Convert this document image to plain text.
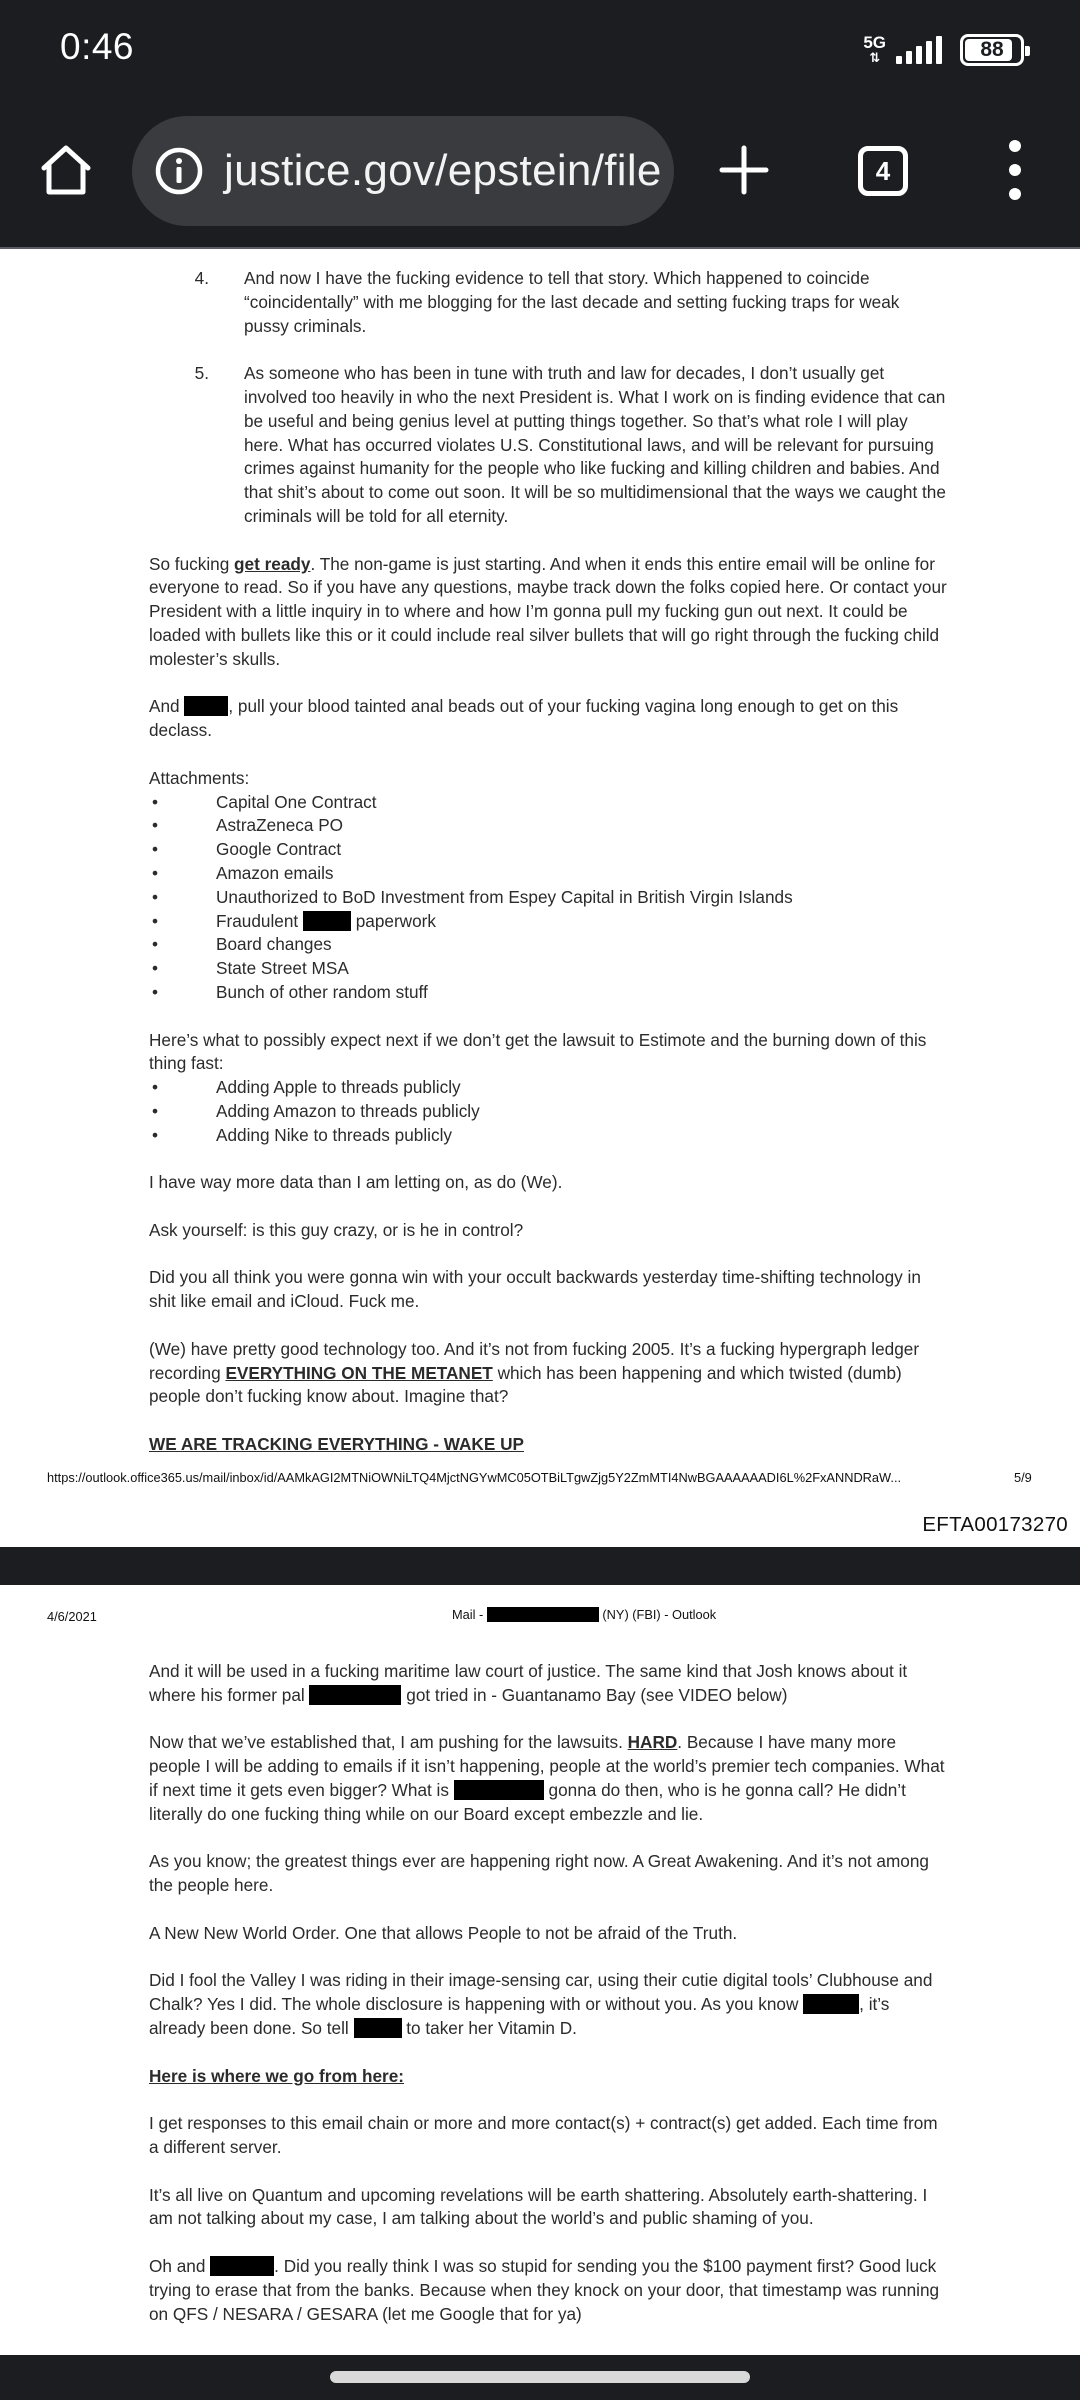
0:46	5G
⇅	88
justice.gov/epstein/file	4
4. And now I have the fucking evidence to tell that story. Which happened to coincide “coincidentally” with me blogging for the last decade and setting fucking traps for weak pussy criminals.
5. As someone who has been in tune with truth and law for decades, I don’t usually get involved too heavily in who the next President is. What I work on is finding evidence that can be useful and being genius level at putting things together. So that’s what role I will play here. What has occurred violates U.S. Constitutional laws, and will be relevant for pursuing crimes against humanity for the people who like fucking and killing children and babies. And that shit’s about to come out soon. It will be so multidimensional that the ways we caught the criminals will be told for all eternity.

So fucking get ready. The non-game is just starting. And when it ends this entire email will be online for everyone to read. So if you have any questions, maybe track down the folks copied here. Or contact your President with a little inquiry in to where and how I’m gonna pull my fucking gun out next. It could be loaded with bullets like this or it could include real silver bullets that will go right through the fucking child molester’s skulls.

And	, pull your blood tainted anal beads out of your fucking vagina long enough to get on this declass.

Attachments:

•	Capital One Contract
•	AstraZeneca PO
•	Google Contract
•	Amazon emails
•	Unauthorized to BoD Investment from Espey Capital in British Virgin Islands
•	Fraudulent	paperwork
•	Board changes
•	State Street MSA
•	Bunch of other random stuff

Here’s what to possibly expect next if we don’t get the lawsuit to Estimote and the burning down of this thing fast:

•	Adding Apple to threads publicly
•	Adding Amazon to threads publicly
•	Adding Nike to threads publicly

I have way more data than I am letting on, as do (We).

Ask yourself: is this guy crazy, or is he in control?

Did you all think you were gonna win with your occult backwards yesterday time-shifting technology in shit like email and iCloud. Fuck me.

(We) have pretty good technology too. And it’s not from fucking 2005. It’s a fucking hypergraph ledger recording EVERYTHING ON THE METANET which has been happening and which twisted (dumb) people don’t fucking know about. Imagine that?

WE ARE TRACKING EVERYTHING - WAKE UP

https://outlook.office365.us/mail/inbox/id/AAMkAGI2MTNiOWNiLTQ4MjctNGYwMC05OTBiLTgwZjg5Y2ZmMTI4NwBGAAAAAADI6L%2FxANNDRaW...	5/9
EFTA00173270
4/6/2021	Mail -	(NY) (FBI) - Outlook

And it will be used in a fucking maritime law court of justice. The same kind that Josh knows about it where his former pal	got tried in - Guantanamo Bay (see VIDEO below)

Now that we’ve established that, I am pushing for the lawsuits. HARD. Because I have many more people I will be adding to emails if it isn’t happening, people at the world’s premier tech companies. What if next time it gets even bigger? What is	gonna do then, who is he gonna call? He didn’t literally do one fucking thing while on our Board except embezzle and lie.

As you know; the greatest things ever are happening right now. A Great Awakening. And it’s not among the people here.

A New New World Order. One that allows People to not be afraid of the Truth.

Did I fool the Valley I was riding in their image-sensing car, using their cutie digital tools’ Clubhouse and Chalk? Yes I did. The whole disclosure is happening with or without you. As you know	, it’s already been done. So tell	to taker her Vitamin D.

Here is where we go from here:

I get responses to this email chain or more and more contact(s) + contract(s) get added. Each time from a different server.

It’s all live on Quantum and upcoming revelations will be earth shattering. Absolutely earth-shattering. I am not talking about my case, I am talking about the world’s and public shaming of you.

Oh and	. Did you really think I was so stupid for sending you the $100 payment first? Good luck trying to erase that from the banks. Because when they knock on your door, that timestamp was running on QFS / NESARA / GESARA (let me Google that for ya)
